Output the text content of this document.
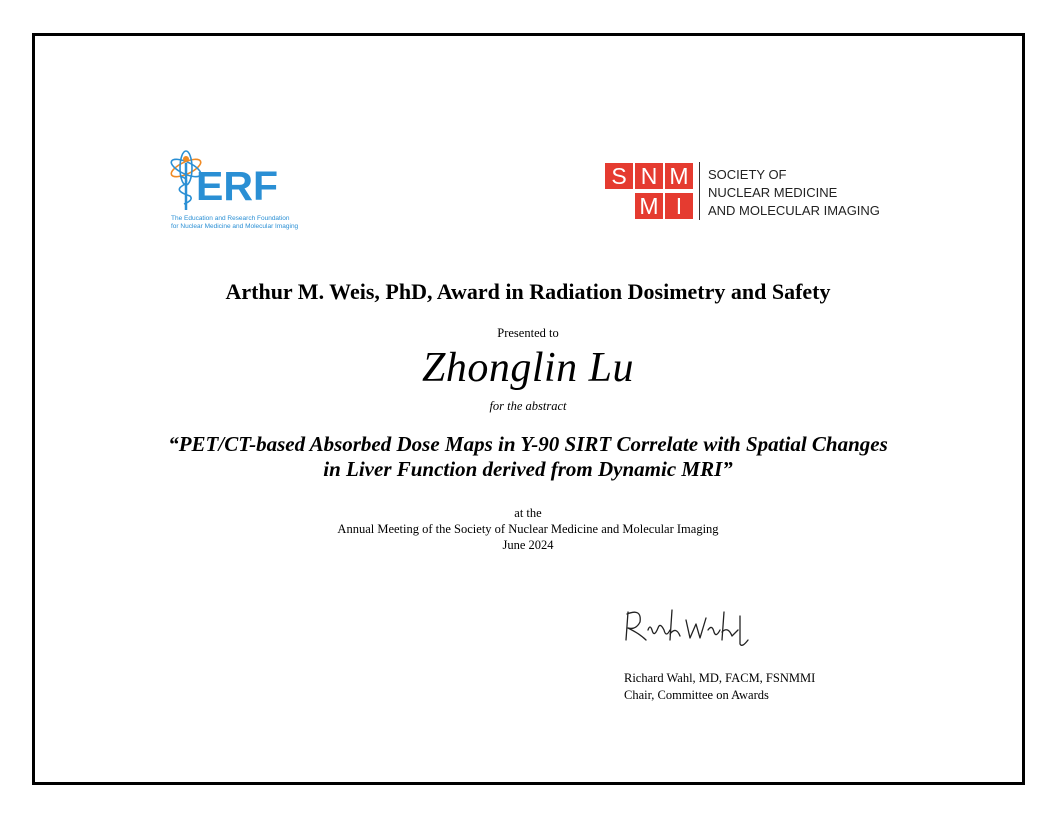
ERF
The Education and Research Foundation
for Nuclear Medicine and Molecular Imaging
S N M
M I
SOCIETY OF
NUCLEAR MEDICINE
AND MOLECULAR IMAGING
Arthur M. Weis, PhD, Award in Radiation Dosimetry and Safety
Presented to
Zhonglin Lu
for the abstract
“PET/CT-based Absorbed Dose Maps in Y-90 SIRT Correlate with Spatial Changes
in Liver Function derived from Dynamic MRI”
at the
Annual Meeting of the Society of Nuclear Medicine and Molecular Imaging
June 2024
Richard Wahl, MD, FACM, FSNMMI
Chair, Committee on Awards
